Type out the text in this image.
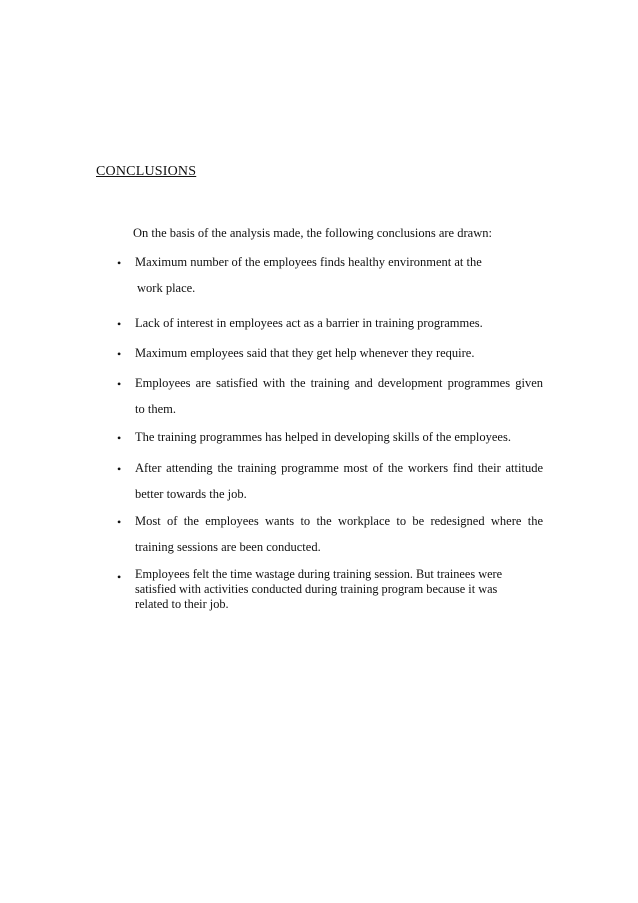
CONCLUSIONS
On the basis of the analysis made, the following conclusions are drawn:
• Maximum number of the employees finds healthy environment at the
work place.
• Lack of interest in employees act as a barrier in training programmes.
• Maximum employees said that they get help whenever they require.
• Employees are satisfied with the training and development programmes given
to them.
• The training programmes has helped in developing skills of the employees.
• After attending the training programme most of the workers find their attitude
better towards the job.
• Most of the employees wants to the workplace to be redesigned where the
training sessions are been conducted.
• Employees felt the time wastage during training session. But trainees were
satisfied with activities conducted during training program because it was
related to their job.
